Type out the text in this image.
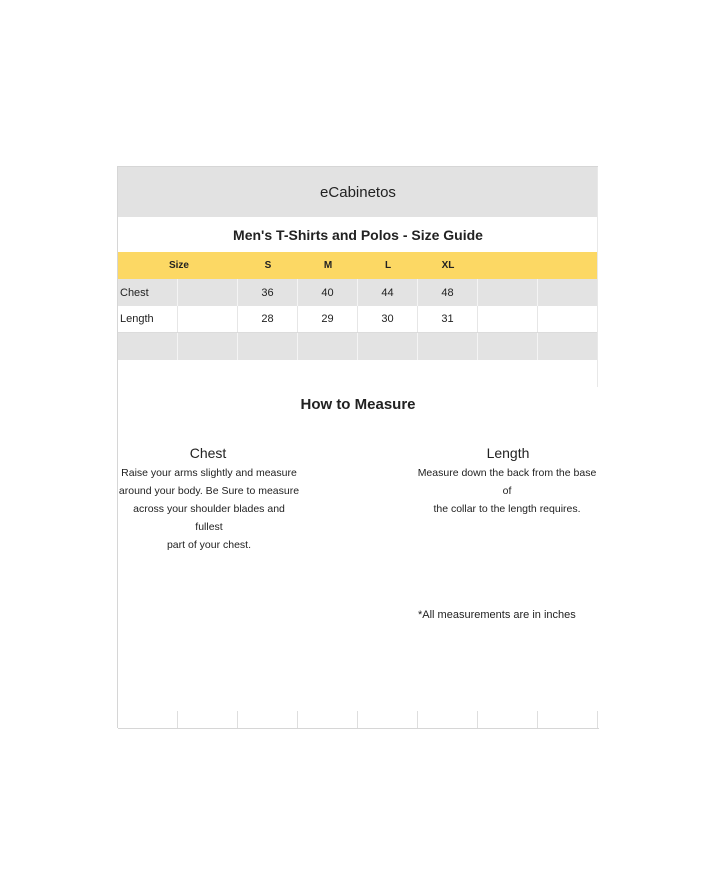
eCabinetos
Men's T-Shirts and Polos - Size Guide
Size	S	M	L	XL
Chest	36	40	44	48
Length	28	29	30	31
How to Measure
Chest
Raise your arms slightly and measure
around your body. Be Sure to measure
across your shoulder blades and fullest
part of your chest.
Length
Measure down the back from the base of
the collar to the length requires.
*All measurements are in inches
